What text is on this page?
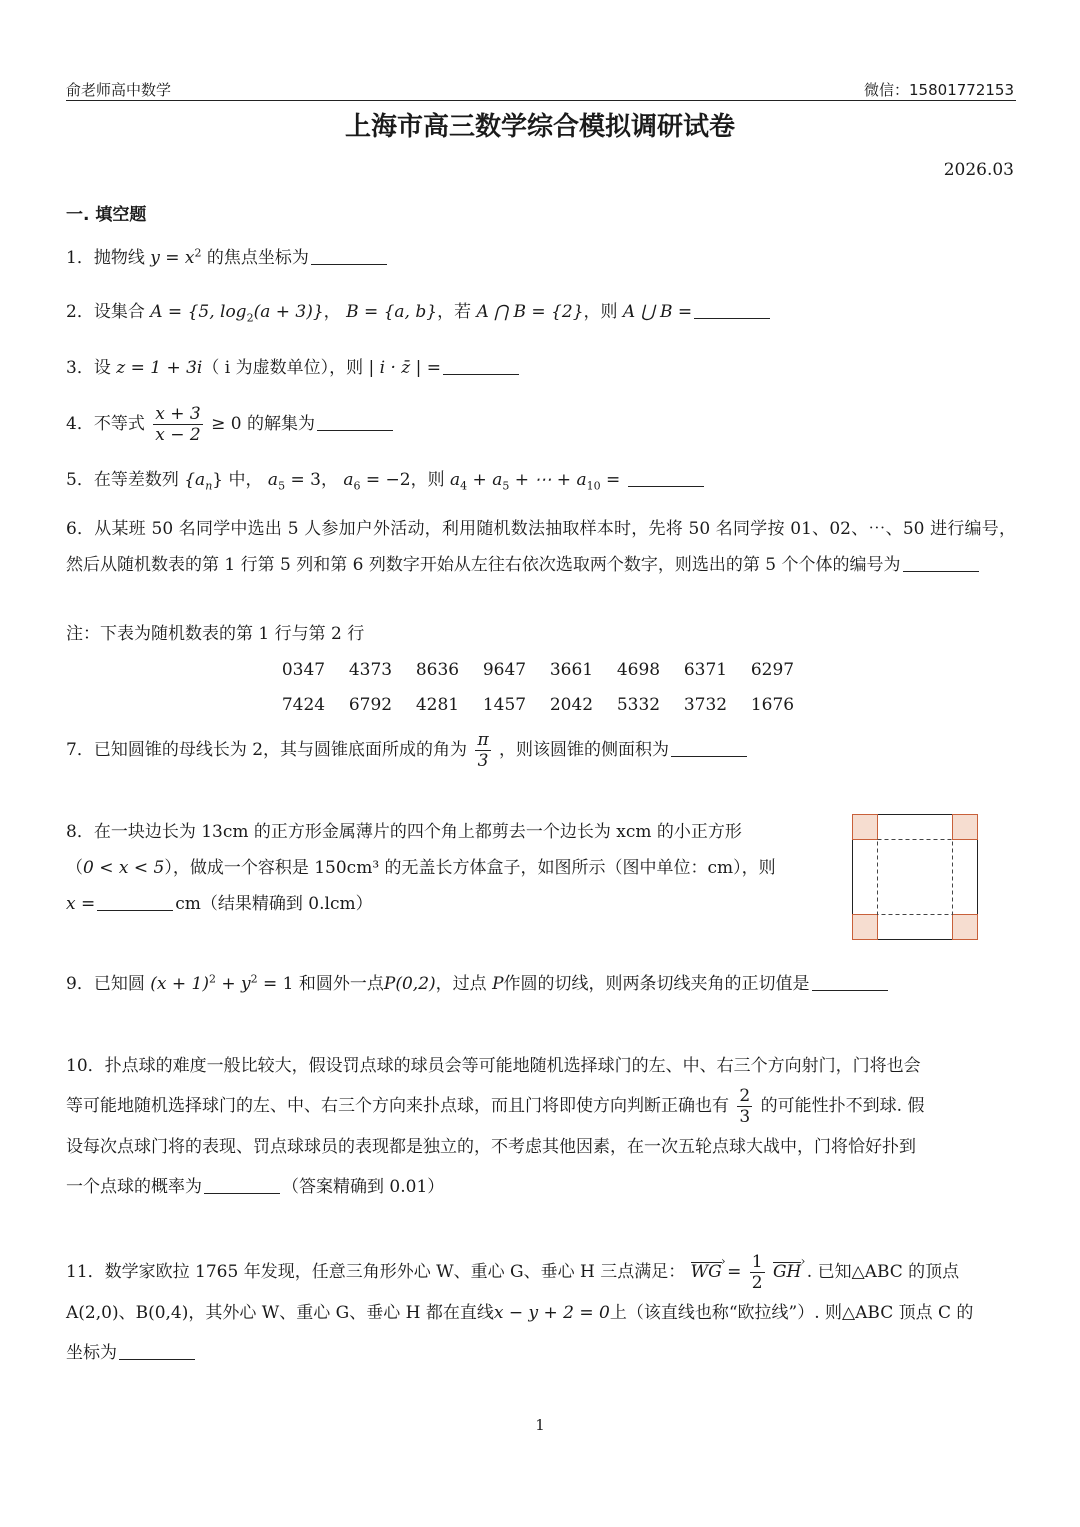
俞老师高中数学	微信：15801772153
上海市高三数学综合模拟调研试卷
2026.03
一. 填空题
1．抛物线 $y = x^2$ 的焦点坐标为
2．设集合 A = {5, $\log_2(a + 3)$}， B = {a, b}，若 A ⋂ B = {2}，则 A ⋃ B =
3．设 z = 1 + 3i（ i 为虚数单位），则 | i · z̄ | =
4．不等式 $\frac{x + 3}{x - 2} \ge 0$ 的解集为
5．在等差数列 $\{a_n\}$ 中， $a_5 = 3$， $a_6 = -2$，则 $a_4 + a_5$ + ⋯ + $a_{10}$ =
6．从某班 50 名同学中选出 5 人参加户外活动，利用随机数法抽取样本时，先将 50 名同学按 01、02、⋯、50 进行编号，然后从随机数表的第 1 行第 5 列和第 6 列数字开始从左往右依次选取两个数字，则选出的第 5 个个体的编号为
注：下表为随机数表的第 1 行与第 2 行
0347	4373	8636	9647	3661	4698	6371	6297
7424	6792	4281	1457	2042	5332	3732	1676
7．已知圆锥的母线长为 2，其与圆锥底面所成的角为 $\frac{\pi}{3}$ ，则该圆锥的侧面积为
8．在一块边长为 13cm 的正方形金属薄片的四个角上都剪去一个边长为 xcm 的小正方形
（0 < x < 5），做成一个容积是 150cm³ 的无盖长方体盒子，如图所示（图中单位：cm），则
x =	cm（结果精确到 0.lcm）
9．已知圆 $(x + 1)^2 + y^2 = 1$ 和圆外一点P(0,2)，过点 P作圆的切线，则两条切线夹角的正切值是
10．扑点球的难度一般比较大，假设罚点球的球员会等可能地随机选择球门的左、中、右三个方向射门，门将也会
等可能地随机选择球门的左、中、右三个方向来扑点球，而且门将即使方向判断正确也有 $\frac{2}{3}$ 的可能性扑不到球. 假
设每次点球门将的表现、罚点球球员的表现都是独立的，不考虑其他因素，在一次五轮点球大战中，门将恰好扑到
一个点球的概率为	（答案精确到 0.01）
11．数学家欧拉 1765 年发现，任意三角形外心 W、重心 G、垂心 H 三点满足： WG › = $\frac{1}{2}$ GH › . 已知△ABC 的顶点
A(2,0)、B(0,4)，其外心 W、重心 G、垂心 H 都在直线x − y + 2 = 0上（该直线也称“欧拉线”）. 则△ABC 顶点 C 的
坐标为
1
